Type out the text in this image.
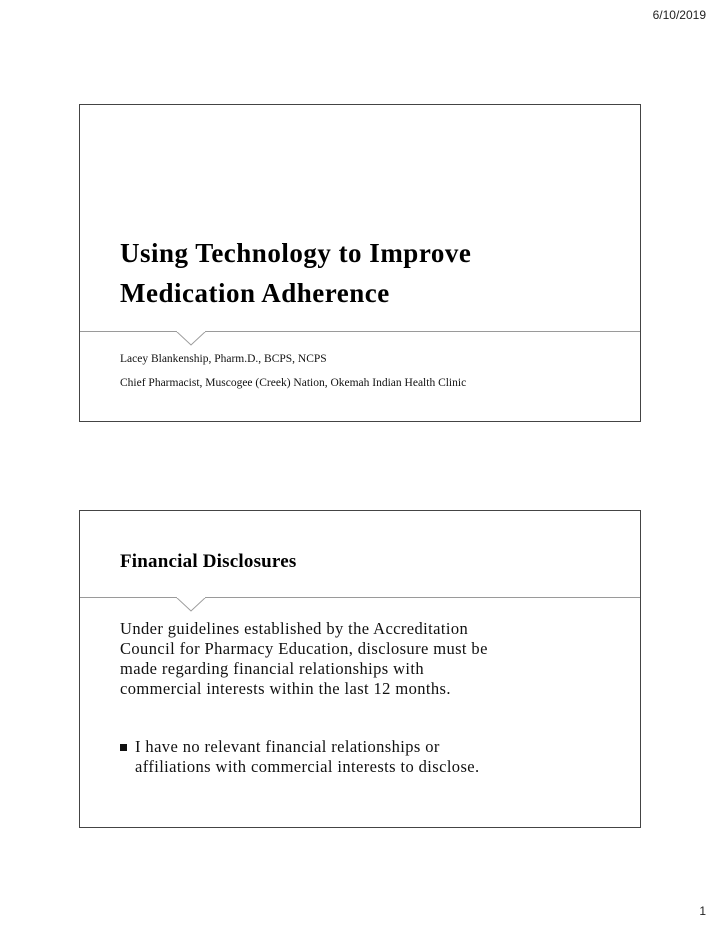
6/10/2019
Using Technology to Improve
Medication Adherence

Lacey Blankenship, Pharm.D., BCPS, NCPS

Chief Pharmacist, Muscogee (Creek) Nation, Okemah Indian Health Clinic

Financial Disclosures

Under guidelines established by the Accreditation
Council for Pharmacy Education, disclosure must be
made regarding financial relationships with
commercial interests within the last 12 months.

I have no relevant financial relationships or
affiliations with commercial interests to disclose.

1
